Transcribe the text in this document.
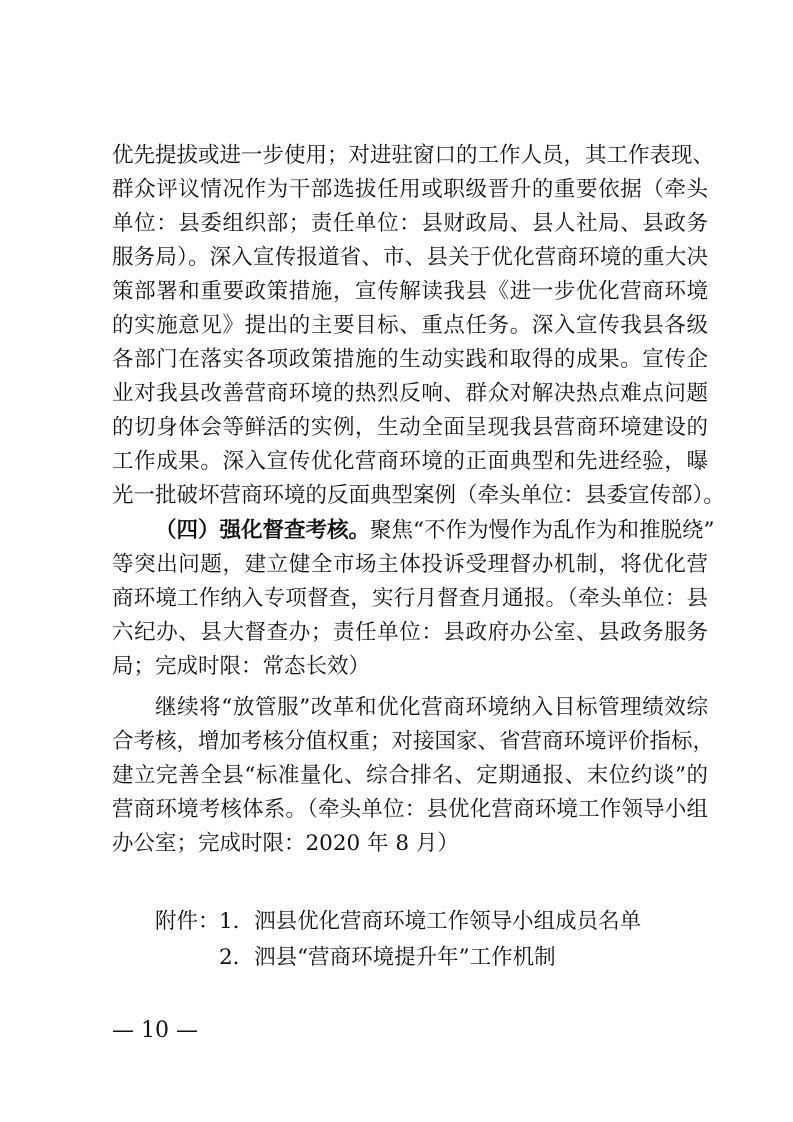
优先提拔或进一步使用；对进驻窗口的工作人员，其工作表现、
群众评议情况作为干部选拔任用或职级晋升的重要依据（牵头
单位：县委组织部；责任单位：县财政局、县人社局、县政务
服务局）。深入宣传报道省、市、县关于优化营商环境的重大决
策部署和重要政策措施，宣传解读我县《进一步优化营商环境
的实施意见》提出的主要目标、重点任务。深入宣传我县各级
各部门在落实各项政策措施的生动实践和取得的成果。宣传企
业对我县改善营商环境的热烈反响、群众对解决热点难点问题
的切身体会等鲜活的实例，生动全面呈现我县营商环境建设的
工作成果。深入宣传优化营商环境的正面典型和先进经验，曝
光一批破坏营商环境的反面典型案例（牵头单位：县委宣传部）。
（四）强化督查考核。聚焦“不作为慢作为乱作为和推脱绕”
等突出问题，建立健全市场主体投诉受理督办机制，将优化营
商环境工作纳入专项督查，实行月督查月通报。（牵头单位：县
六纪办、县大督查办；责任单位：县政府办公室、县政务服务
局；完成时限：常态长效）
继续将“放管服”改革和优化营商环境纳入目标管理绩效综
合考核，增加考核分值权重；对接国家、省营商环境评价指标，
建立完善全县“标准量化、综合排名、定期通报、末位约谈”的
营商环境考核体系。（牵头单位：县优化营商环境工作领导小组
办公室；完成时限：2020 年 8 月）
附件： 1．泗县优化营商环境工作领导小组成员名单
2．泗县“营商环境提升年”工作机制
— 10 —
